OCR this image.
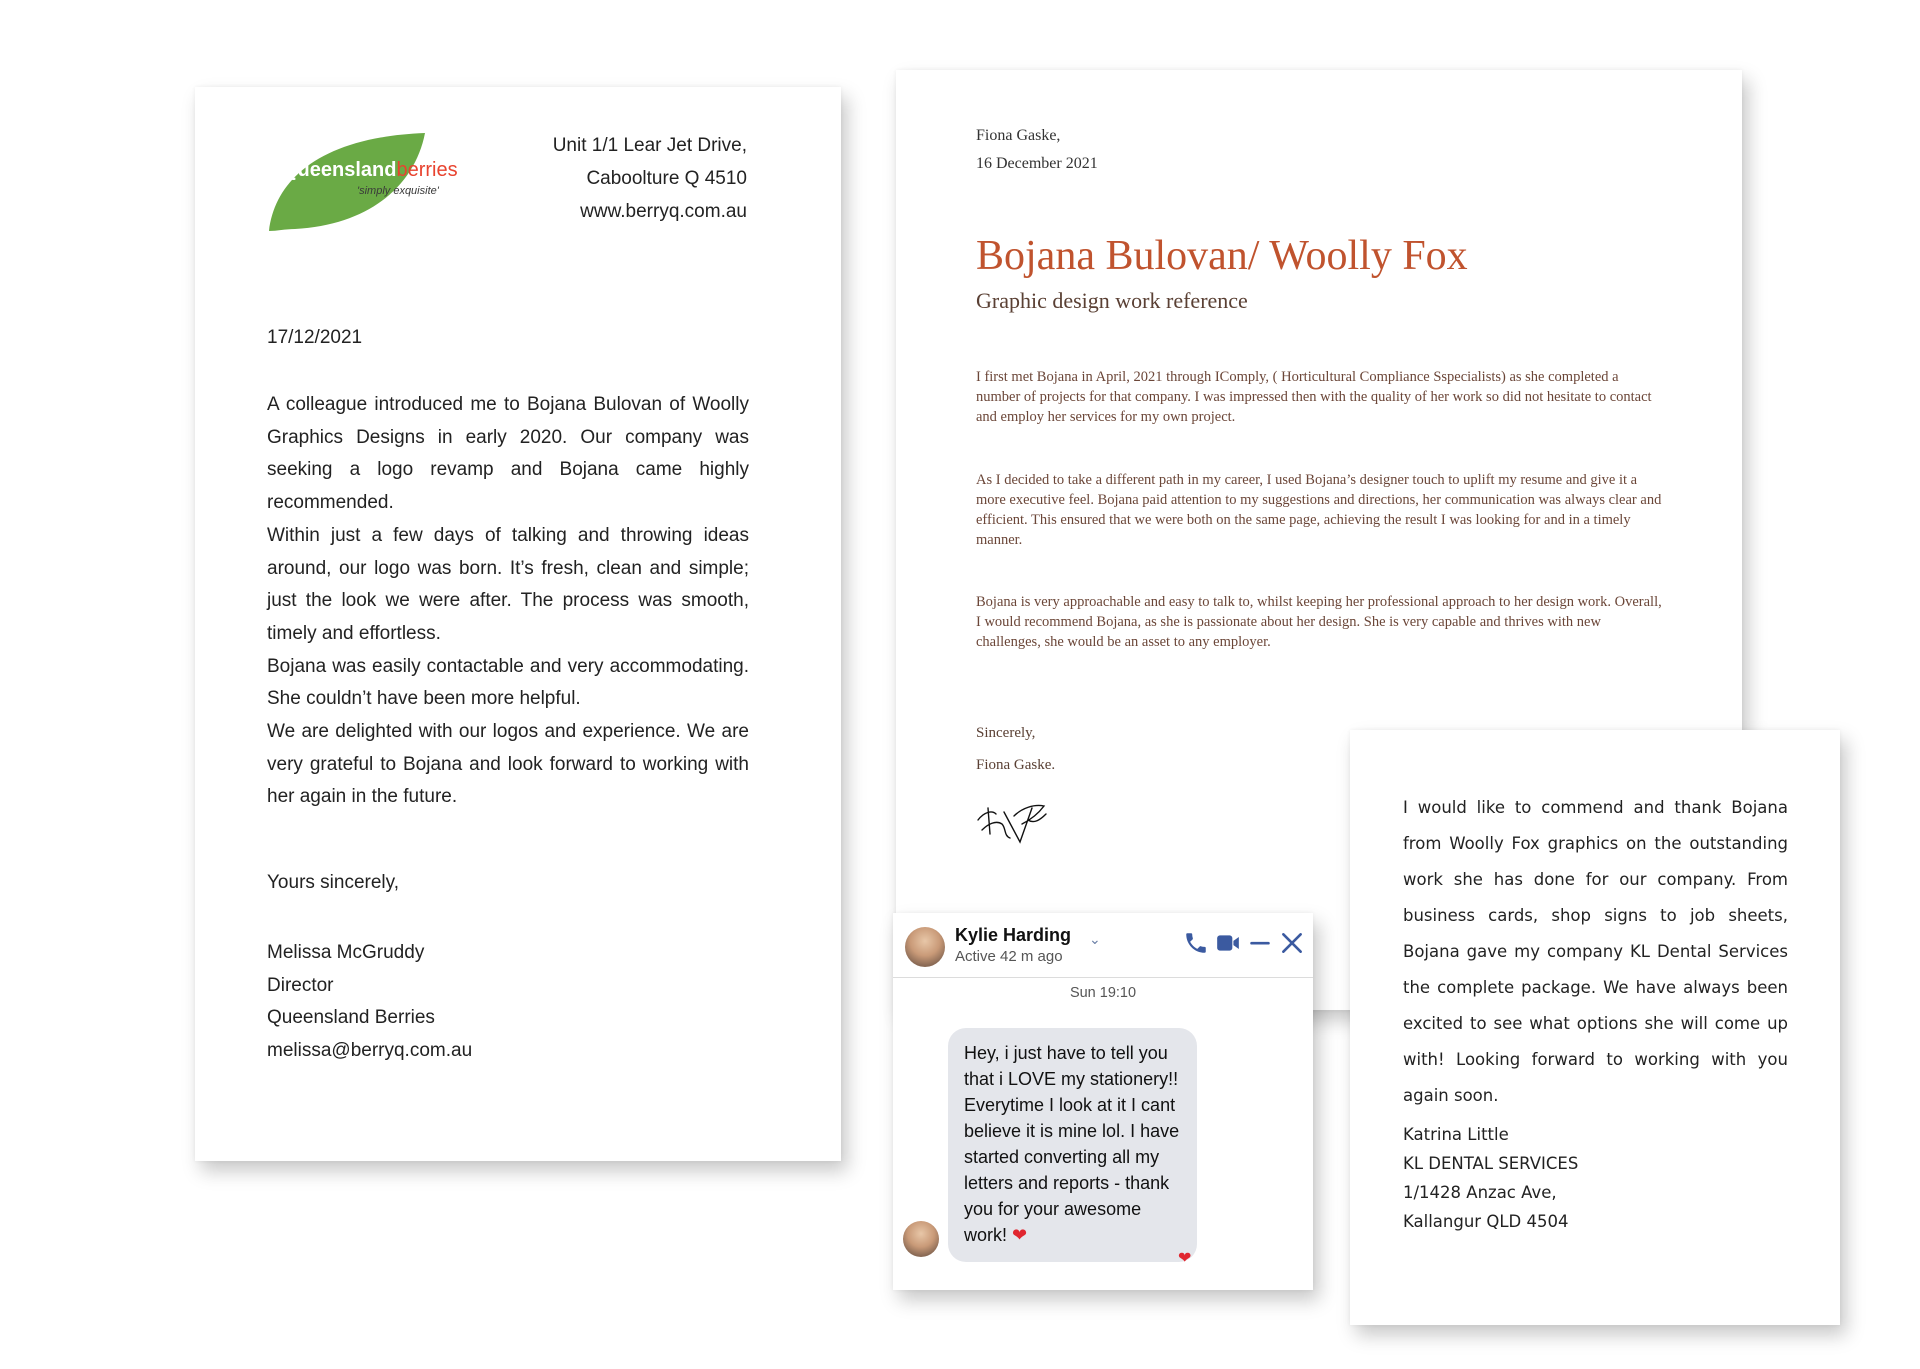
Queenslandberries
'simply exquisite'
Unit 1/1 Lear Jet Drive,
Caboolture Q 4510
www.berryq.com.au
17/12/2021

A colleague introduced me to Bojana Bulovan of Woolly Graphics Designs in early 2020. Our company was seeking a logo revamp and Bojana came highly recommended.

Within just a few days of talking and throwing ideas around, our logo was born. It’s fresh, clean and simple; just the look we were after. The process was smooth, timely and effortless.

Bojana was easily contactable and very accommodating. She couldn’t have been more helpful.

We are delighted with our logos and experience. We are very grateful to Bojana and look forward to working with her again in the future.

Yours sincerely,
Melissa McGruddy
Director
Queensland Berries
melissa@berryq.com.au
Fiona Gaske,
16 December 2021
Bojana Bulovan/ Woolly Fox
Graphic design work reference

I first met Bojana in April, 2021 through IComply, ( Horticultural Compliance Sspecialists) as she completed a number of projects for that company. I was impressed then with the quality of her work so did not hesitate to contact and employ her services for my own project.

As I decided to take a different path in my career, I used Bojana’s designer touch to uplift my resume and give it a more executive feel. Bojana paid attention to my suggestions and directions, her communication was always clear and efficient. This ensured that we were both on the same page, achieving the result I was looking for and in a timely manner.

Bojana is very approachable and easy to talk to, whilst keeping her professional approach to her design work. Overall, I would recommend Bojana, as she is passionate about her design. She is very capable and thrives with new challenges, she would be an asset to any employer.

Sincerely,
Fiona Gaske.

I would like to commend and thank Bojana from Woolly Fox graphics on the outstanding work she has done for our company. From business cards, shop signs to job sheets, Bojana gave my company KL Dental Services the complete package. We have always been excited to see what options she will come up with! Looking forward to working with you again soon.

Katrina Little
KL DENTAL SERVICES
1/1428 Anzac Ave,
Kallangur QLD 4504
Kylie Harding
Active 42 m ago
⌄
Sun 19:10
Hey, i just have to tell you that i LOVE my stationery!! Everytime I look at it I cant believe it is mine lol. I have started converting all my letters and reports - thank you for your awesome work! ❤
❤
